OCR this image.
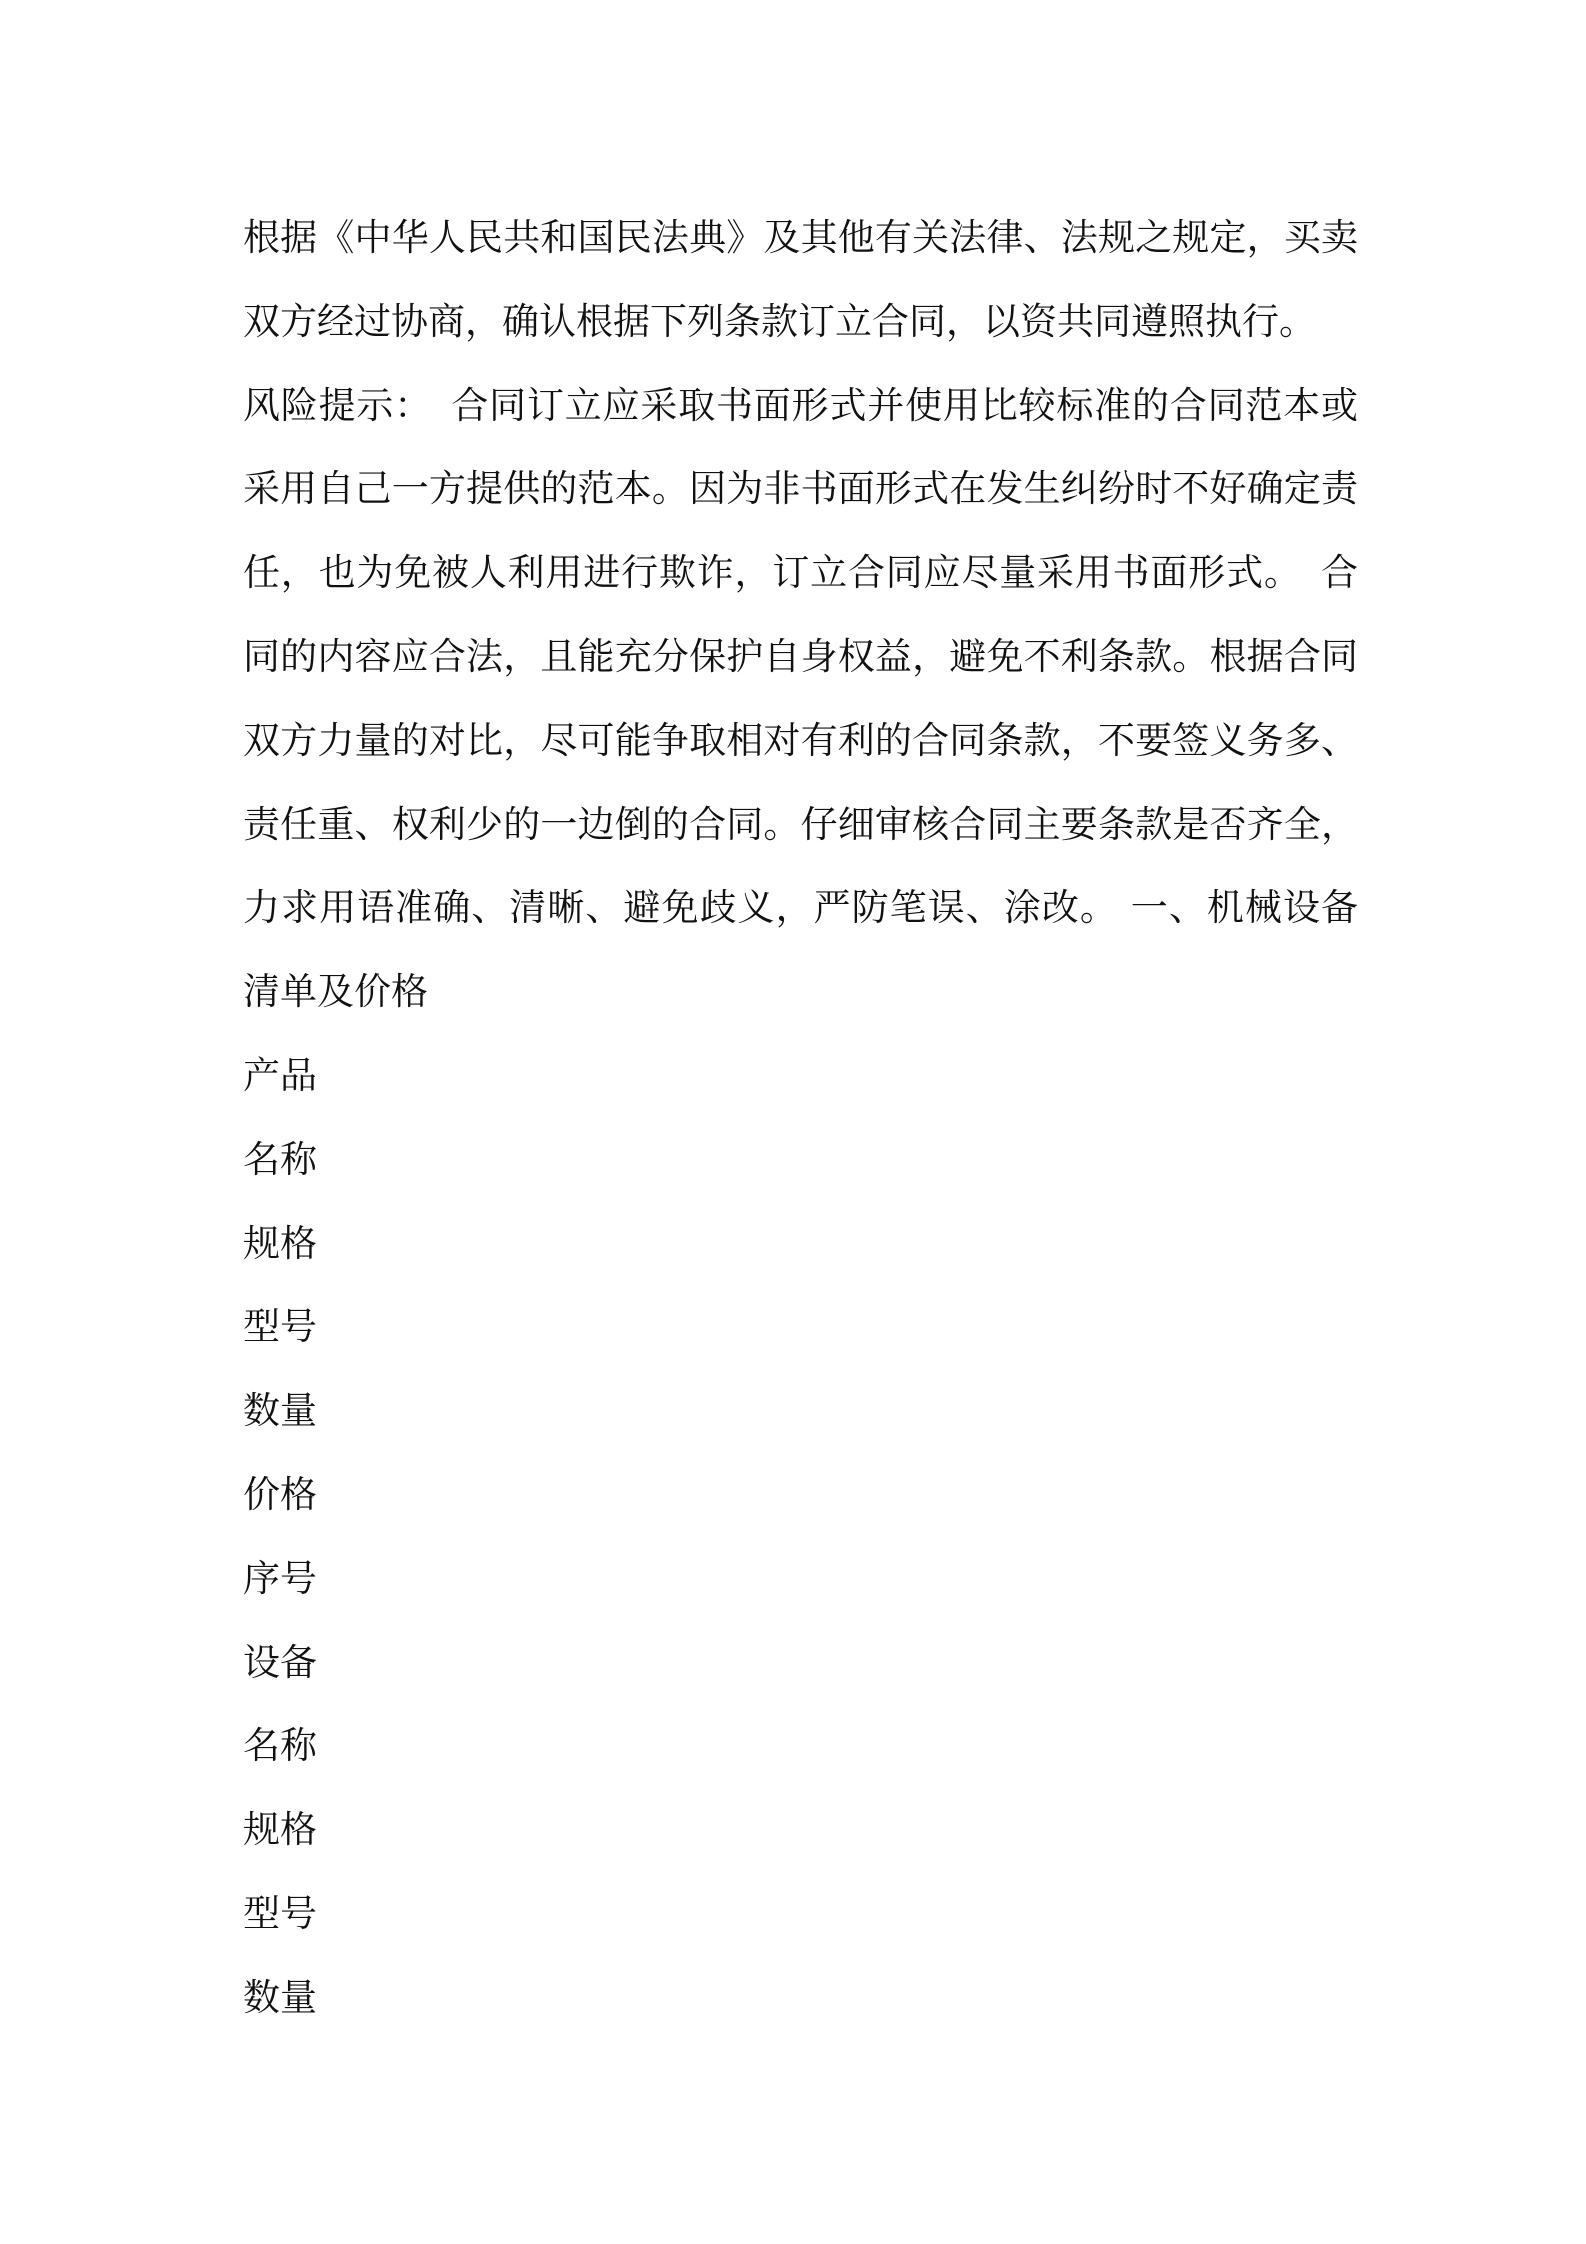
根据《中华人民共和国民法典》及其他有关法律、法规之规定，买卖
双方经过协商，确认根据下列条款订立合同，以资共同遵照执行。
风险提示：　合同订立应采取书面形式并使用比较标准的合同范本或
采用自己一方提供的范本。因为非书面形式在发生纠纷时不好确定责
任，也为免被人利用进行欺诈，订立合同应尽量采用书面形式。　合
同的内容应合法，且能充分保护自身权益，避免不利条款。根据合同
双方力量的对比，尽可能争取相对有利的合同条款，不要签义务多、
责任重、权利少的一边倒的合同。仔细审核合同主要条款是否齐全，
力求用语准确、清晰、避免歧义，严防笔误、涂改。 一、机械设备
清单及价格
产品
名称
规格
型号
数量
价格
序号
设备
名称
规格
型号
数量
